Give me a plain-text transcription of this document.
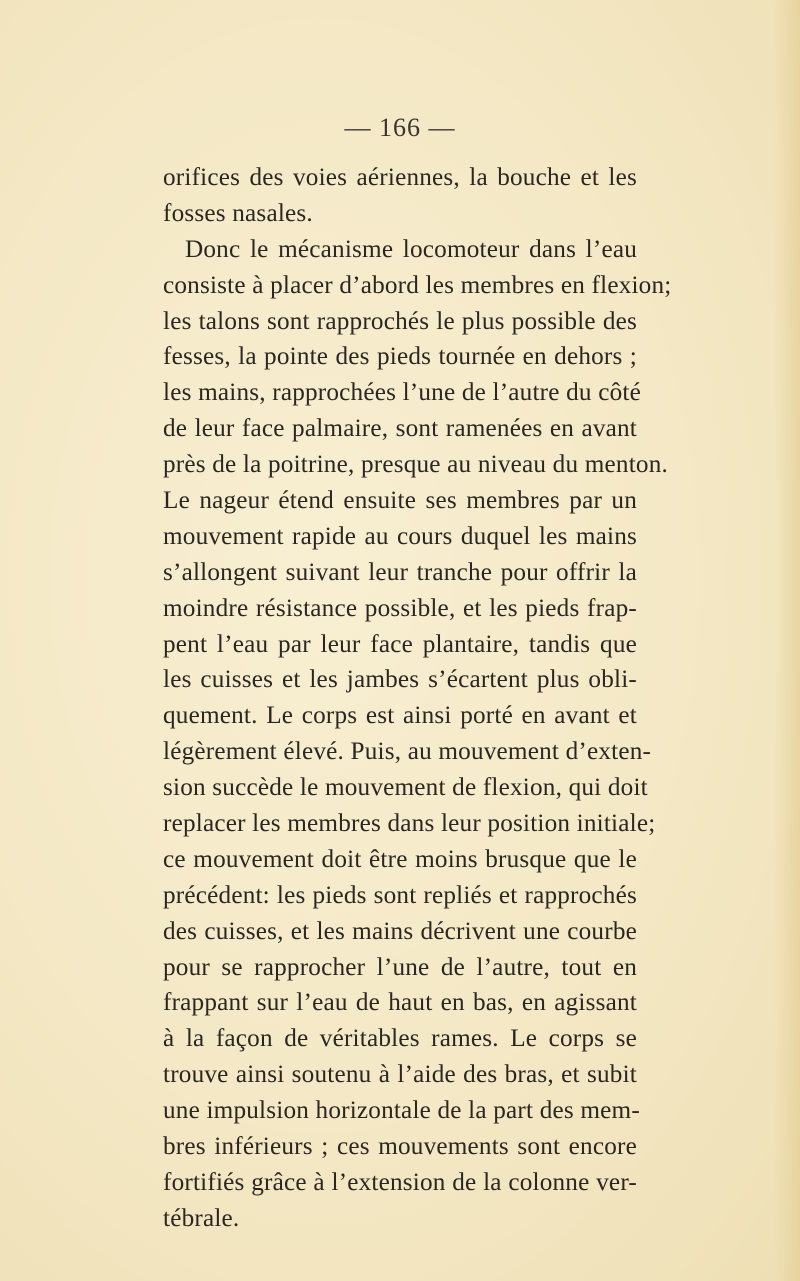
— 166 —
orifices des voies aériennes, la bouche et les
fosses nasales.
Donc le mécanisme locomoteur dans l’eau
consiste à placer d’abord les membres en flexion;
les talons sont rapprochés le plus possible des
fesses, la pointe des pieds tournée en dehors ;
les mains, rapprochées l’une de l’autre du côté
de leur face palmaire, sont ramenées en avant
près de la poitrine, presque au niveau du menton.
Le nageur étend ensuite ses membres par un
mouvement rapide au cours duquel les mains
s’allongent suivant leur tranche pour offrir la
moindre résistance possible, et les pieds frap-
pent l’eau par leur face plantaire, tandis que
les cuisses et les jambes s’écartent plus obli-
quement. Le corps est ainsi porté en avant et
légèrement élevé. Puis, au mouvement d’exten-
sion succède le mouvement de flexion, qui doit
replacer les membres dans leur position initiale;
ce mouvement doit être moins brusque que le
précédent: les pieds sont repliés et rapprochés
des cuisses, et les mains décrivent une courbe
pour se rapprocher l’une de l’autre, tout en
frappant sur l’eau de haut en bas, en agissant
à la façon de véritables rames. Le corps se
trouve ainsi soutenu à l’aide des bras, et subit
une impulsion horizontale de la part des mem-
bres inférieurs ; ces mouvements sont encore
fortifiés grâce à l’extension de la colonne ver-
tébrale.
